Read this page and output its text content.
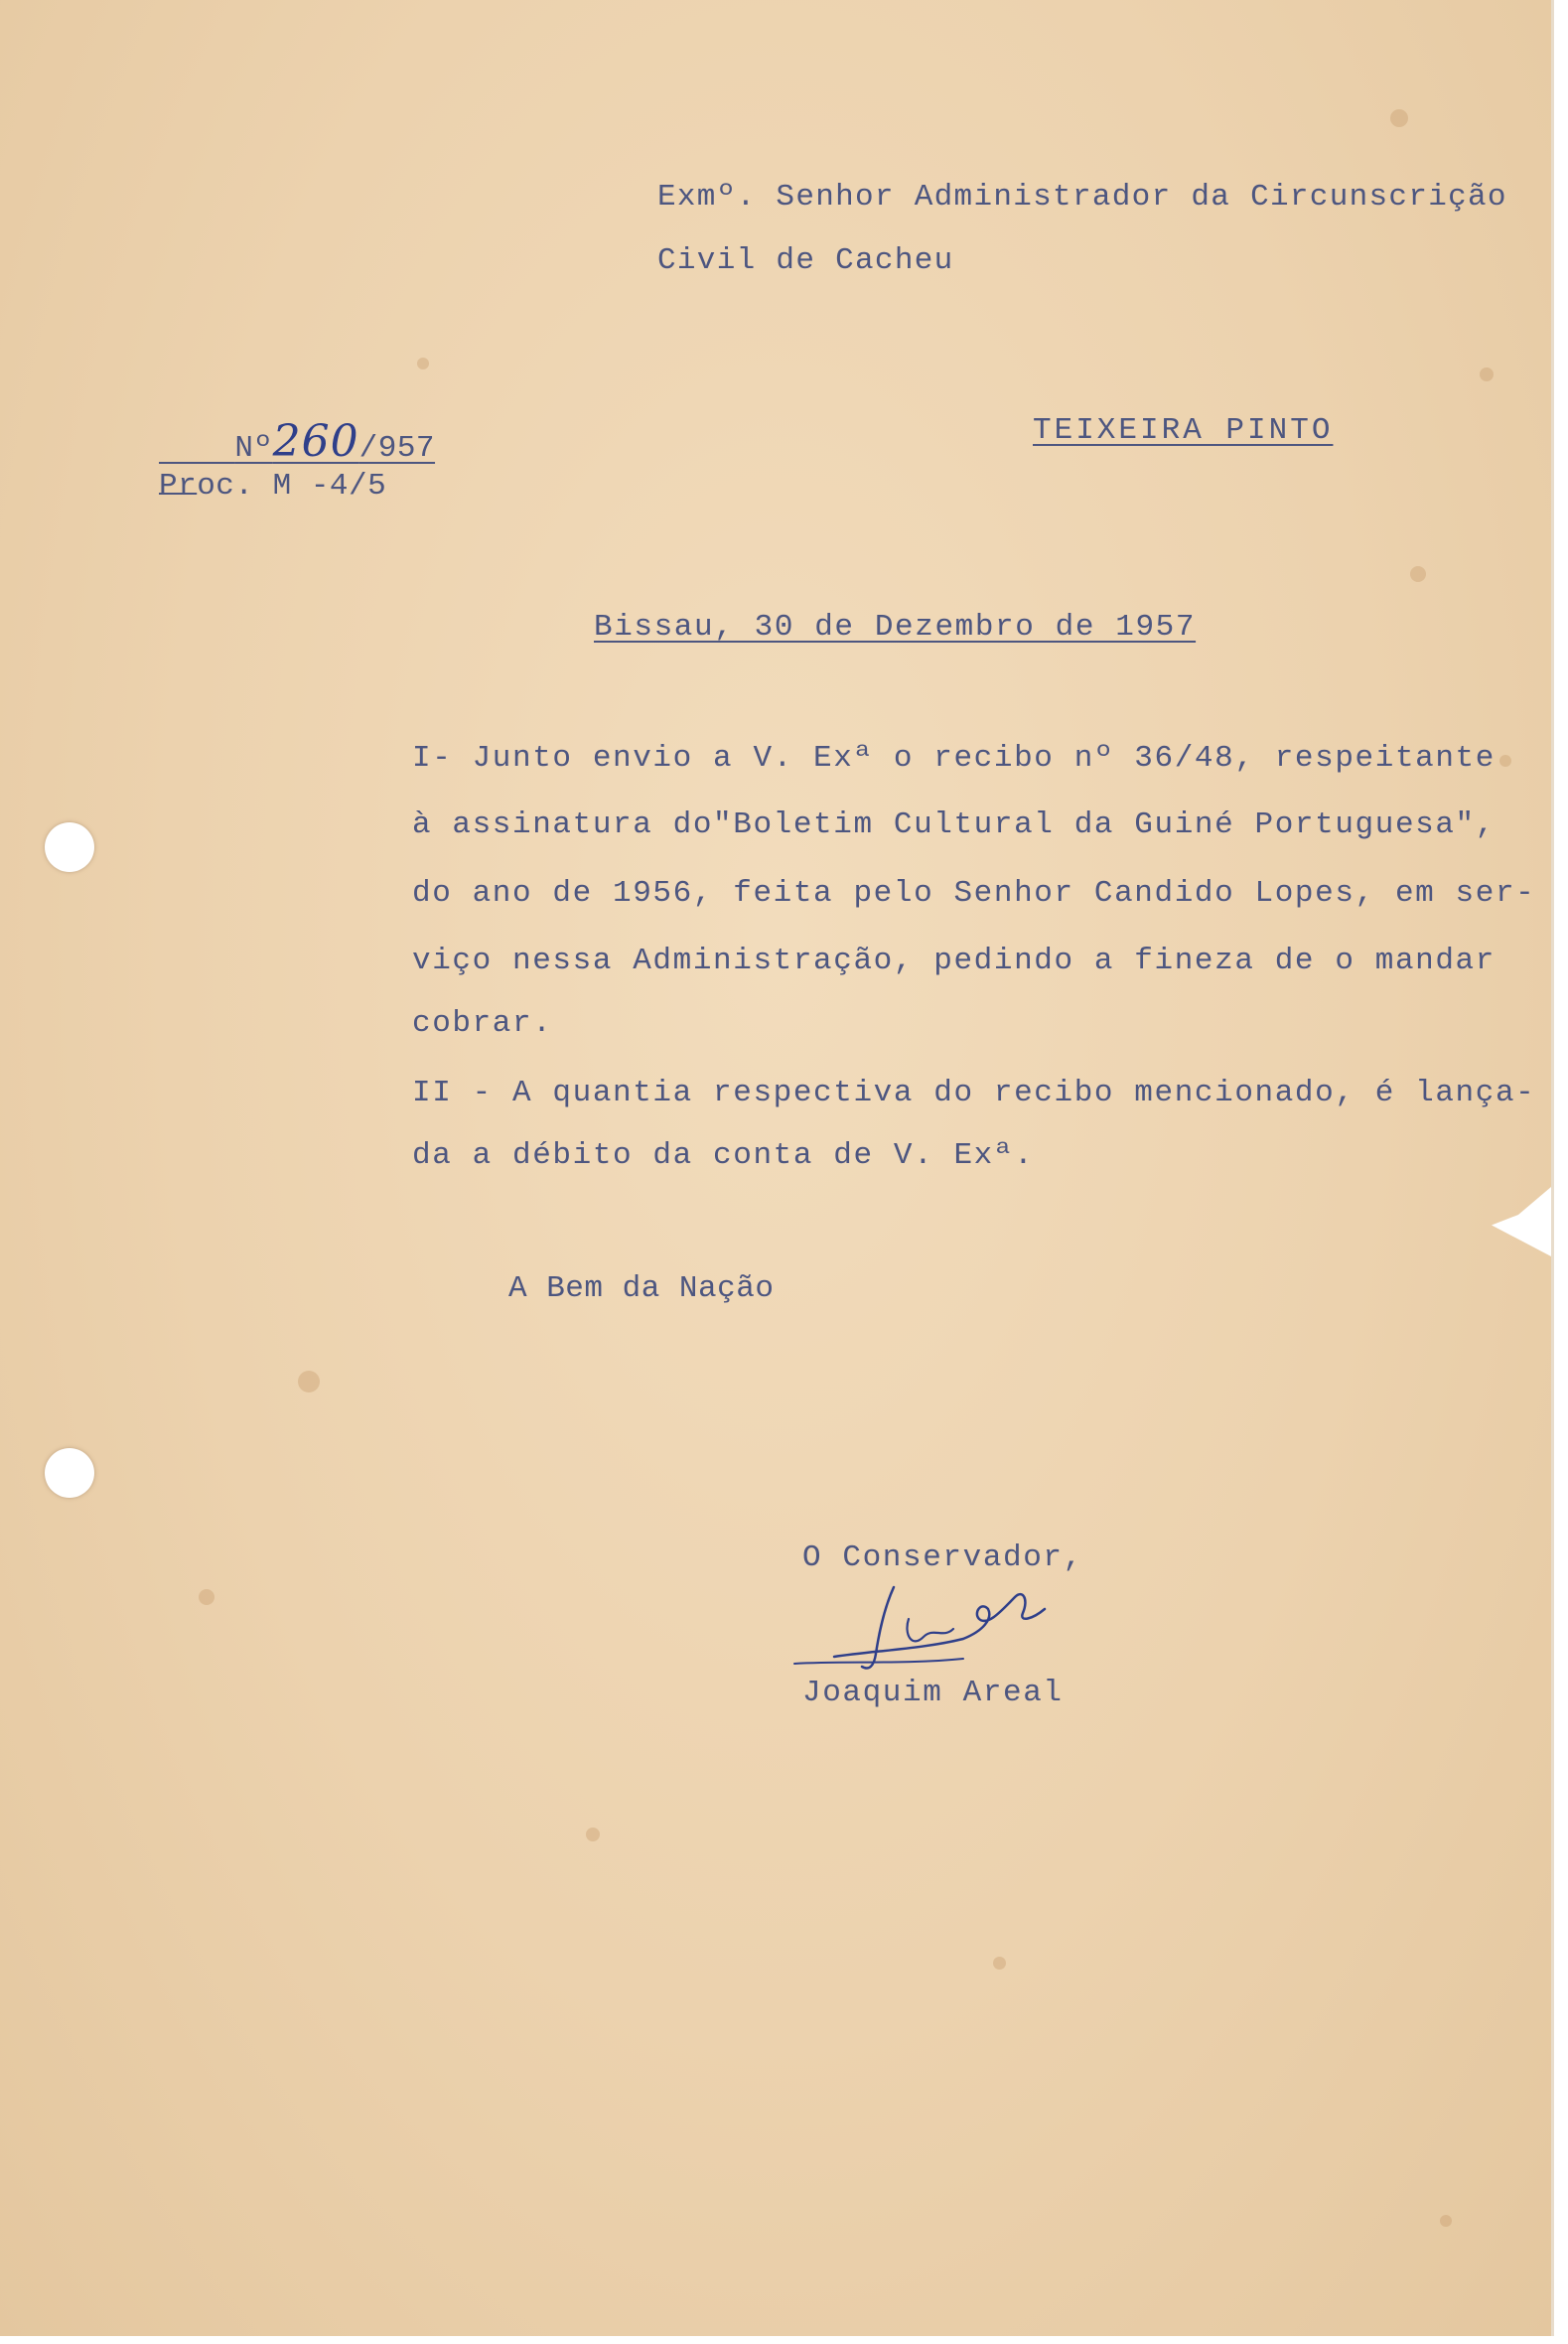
Exmº. Senhor Administrador da Circunscrição
Civil de Cacheu

Nº260/957

Proc. M -4/5
TEIXEIRA PINTO
Bissau, 30 de Dezembro de 1957
I- Junto envio a V. Exª o recibo nº 36/48, respeitante
à assinatura do"Boletim Cultural da Guiné Portuguesa",
do ano de 1956, feita pelo Senhor Candido Lopes, em ser-
viço nessa Administração, pedindo a fineza de o mandar
cobrar.
II - A quantia respectiva do recibo mencionado, é lança-
da a débito da conta de V. Exª.
A Bem da Nação
O Conservador,
Joaquim Areal
